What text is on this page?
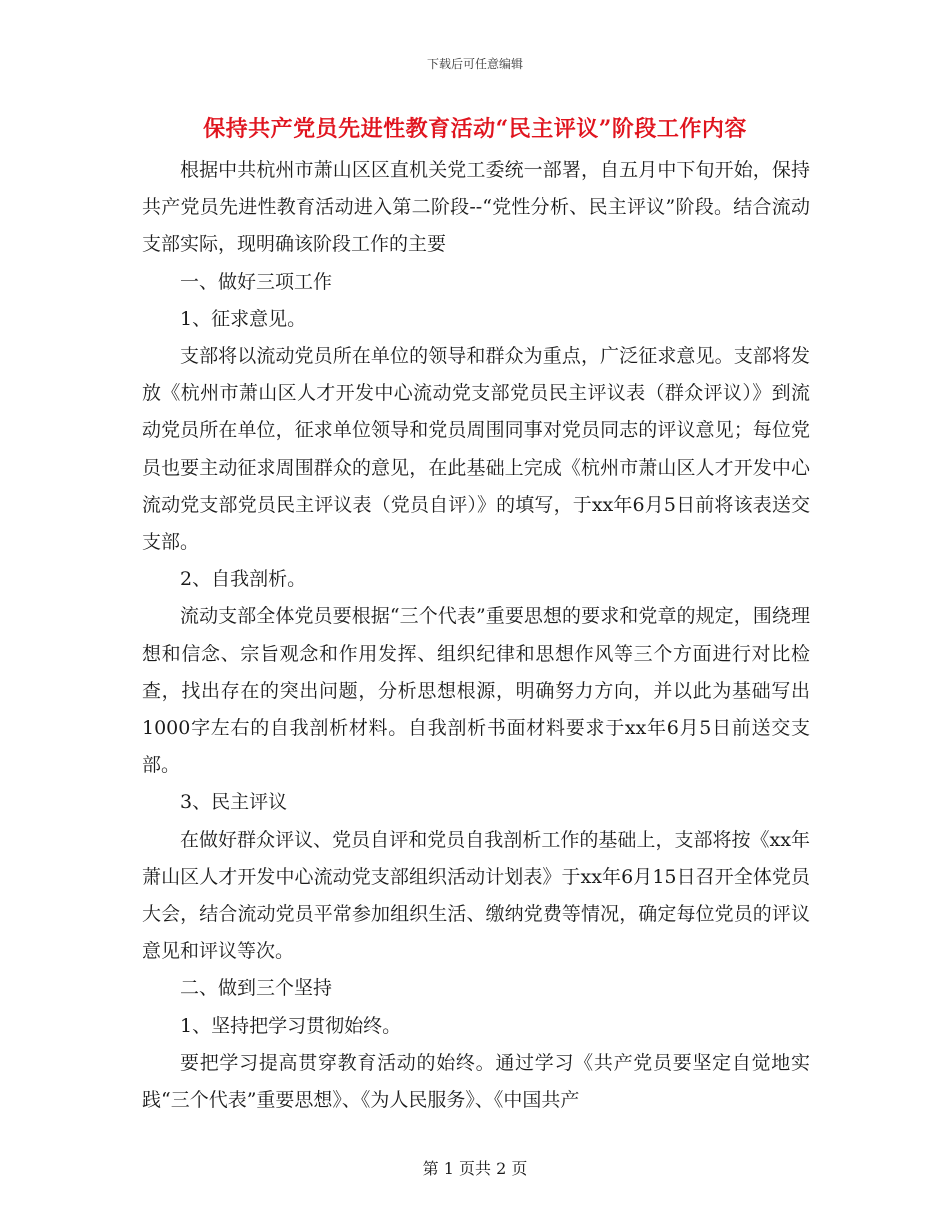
下载后可任意编辑
保持共产党员先进性教育活动“民主评议”阶段工作内容

根据中共杭州市萧山区区直机关党工委统一部署，自五月中下旬开始，保持共产党员先进性教育活动进入第二阶段--“党性分析、民主评议”阶段。结合流动支部实际，现明确该阶段工作的主要

一、做好三项工作

1、征求意见。

支部将以流动党员所在单位的领导和群众为重点，广泛征求意见。支部将发放《杭州市萧山区人才开发中心流动党支部党员民主评议表（群众评议）》到流动党员所在单位，征求单位领导和党员周围同事对党员同志的评议意见；每位党员也要主动征求周围群众的意见，在此基础上完成《杭州市萧山区人才开发中心流动党支部党员民主评议表（党员自评）》的填写，于xx年6月5日前将该表送交支部。

2、自我剖析。

流动支部全体党员要根据“三个代表”重要思想的要求和党章的规定，围绕理想和信念、宗旨观念和作用发挥、组织纪律和思想作风等三个方面进行对比检查，找出存在的突出问题，分析思想根源，明确努力方向，并以此为基础写出1000字左右的自我剖析材料。自我剖析书面材料要求于xx年6月5日前送交支部。

3、民主评议

在做好群众评议、党员自评和党员自我剖析工作的基础上，支部将按《xx年萧山区人才开发中心流动党支部组织活动计划表》于xx年6月15日召开全体党员大会，结合流动党员平常参加组织生活、缴纳党费等情况，确定每位党员的评议意见和评议等次。

二、做到三个坚持

1、坚持把学习贯彻始终。

要把学习提高贯穿教育活动的始终。通过学习《共产党员要坚定自觉地实践“三个代表”重要思想》、《为人民服务》、《中国共产

第 1 页共 2 页
